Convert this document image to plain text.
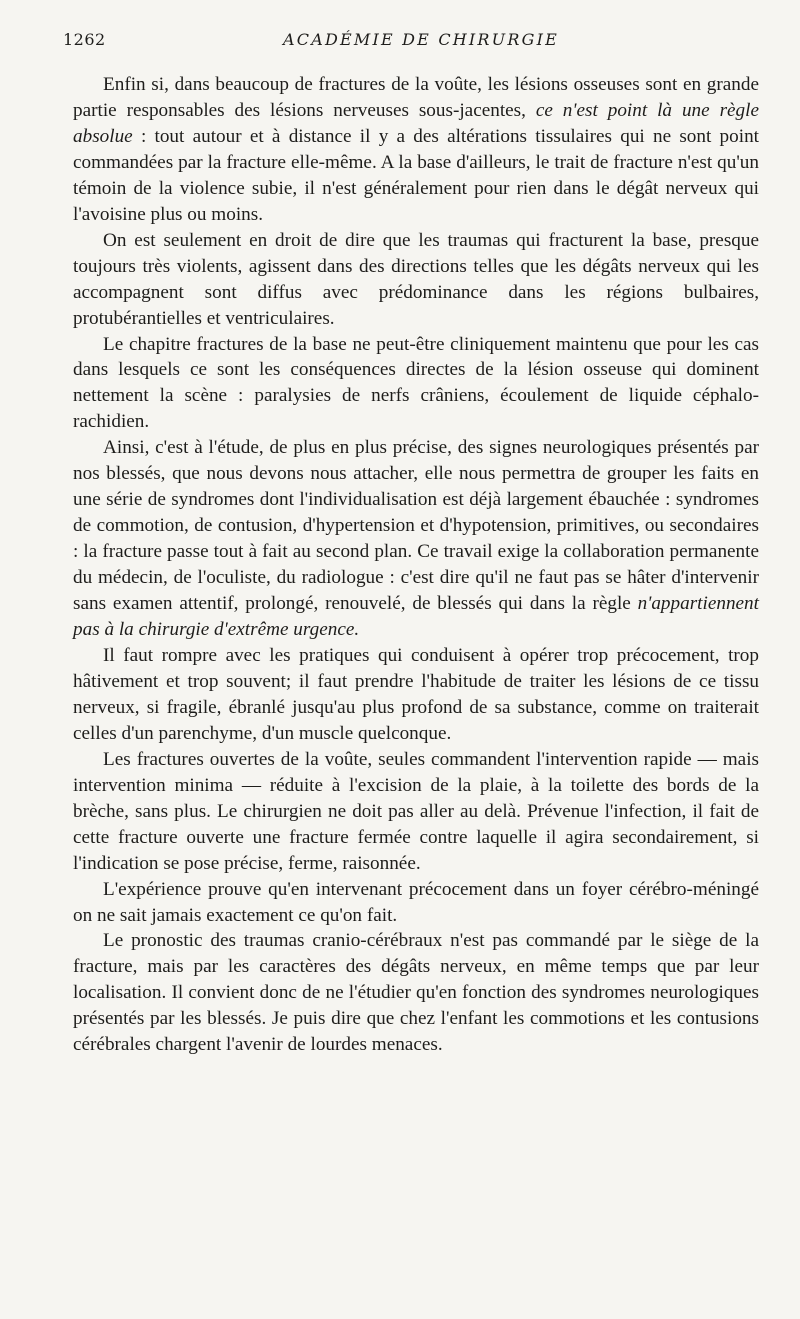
1262	ACADÉMIE DE CHIRURGIE

Enfin si, dans beaucoup de fractures de la voûte, les lésions osseuses sont en grande partie responsables des lésions nerveuses sous-jacentes, ce n'est point là une règle absolue : tout autour et à distance il y a des altérations tissulaires qui ne sont point commandées par la fracture elle-même. A la base d'ailleurs, le trait de fracture n'est qu'un témoin de la violence subie, il n'est généralement pour rien dans le dégât nerveux qui l'avoisine plus ou moins.

On est seulement en droit de dire que les traumas qui fracturent la base, presque toujours très violents, agissent dans des directions telles que les dégâts nerveux qui les accompagnent sont diffus avec prédominance dans les régions bulbaires, protubérantielles et ventriculaires.

Le chapitre fractures de la base ne peut-être cliniquement maintenu que pour les cas dans lesquels ce sont les conséquences directes de la lésion osseuse qui dominent nettement la scène : paralysies de nerfs crâniens, écoulement de liquide céphalo-rachidien.

Ainsi, c'est à l'étude, de plus en plus précise, des signes neurologiques présentés par nos blessés, que nous devons nous attacher, elle nous permettra de grouper les faits en une série de syndromes dont l'individualisation est déjà largement ébauchée : syndromes de commotion, de contusion, d'hypertension et d'hypotension, primitives, ou secondaires : la fracture passe tout à fait au second plan. Ce travail exige la collaboration permanente du médecin, de l'oculiste, du radiologue : c'est dire qu'il ne faut pas se hâter d'intervenir sans examen attentif, prolongé, renouvelé, de blessés qui dans la règle n'appartiennent pas à la chirurgie d'extrême urgence.

Il faut rompre avec les pratiques qui conduisent à opérer trop précocement, trop hâtivement et trop souvent; il faut prendre l'habitude de traiter les lésions de ce tissu nerveux, si fragile, ébranlé jusqu'au plus profond de sa substance, comme on traiterait celles d'un parenchyme, d'un muscle quelconque.

Les fractures ouvertes de la voûte, seules commandent l'intervention rapide — mais intervention minima — réduite à l'excision de la plaie, à la toilette des bords de la brèche, sans plus. Le chirurgien ne doit pas aller au delà. Prévenue l'infection, il fait de cette fracture ouverte une fracture fermée contre laquelle il agira secondairement, si l'indication se pose précise, ferme, raisonnée.

L'expérience prouve qu'en intervenant précocement dans un foyer cérébro-méningé on ne sait jamais exactement ce qu'on fait.

Le pronostic des traumas cranio-cérébraux n'est pas commandé par le siège de la fracture, mais par les caractères des dégâts nerveux, en même temps que par leur localisation. Il convient donc de ne l'étudier qu'en fonction des syndromes neurologiques présentés par les blessés. Je puis dire que chez l'enfant les commotions et les contusions cérébrales chargent l'avenir de lourdes menaces.
